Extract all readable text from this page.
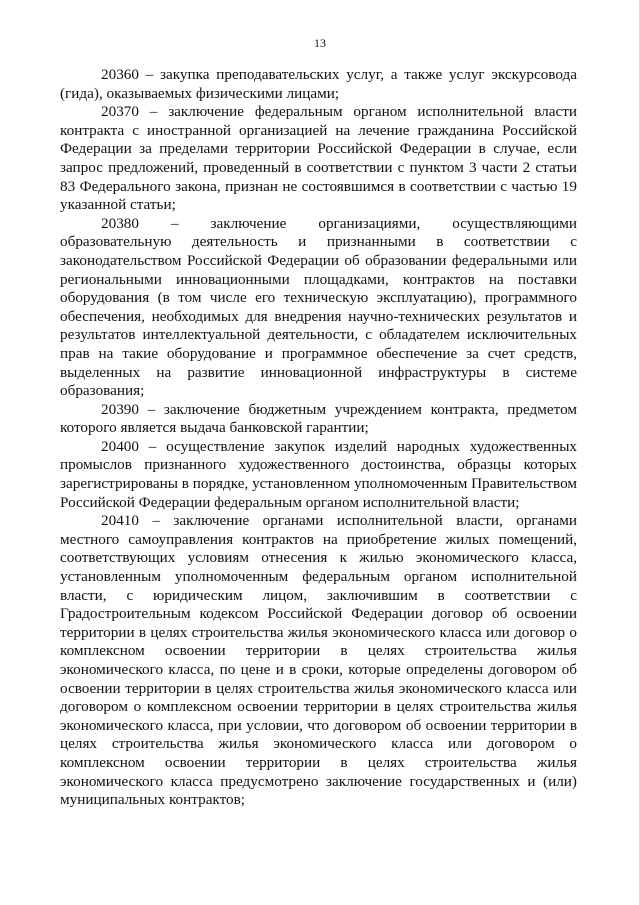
13

20360 – закупка преподавательских услуг, а также услуг экскурсовода (гида), оказываемых физическими лицами;

20370 – заключение федеральным органом исполнительной власти контракта с иностранной организацией на лечение гражданина Российской Федерации за пределами территории Российской Федерации в случае, если запрос предложений, проведенный в соответствии с пунктом 3 части 2 статьи 83 Федерального закона, признан не состоявшимся в соответствии с частью 19 указанной статьи;

20380 – заключение организациями, осуществляющими образовательную деятельность и признанными в соответствии с законодательством Российской Федерации об образовании федеральными или региональными инновационными площадками, контрактов на поставки оборудования (в том числе его техническую эксплуатацию), программного обеспечения, необходимых для внедрения научно-технических результатов и результатов интеллектуальной деятельности, с обладателем исключительных прав на такие оборудование и программное обеспечение за счет средств, выделенных на развитие инновационной инфраструктуры в системе образования;

20390 – заключение бюджетным учреждением контракта, предметом которого является выдача банковской гарантии;

20400 – осуществление закупок изделий народных художественных промыслов признанного художественного достоинства, образцы которых зарегистрированы в порядке, установленном уполномоченным Правительством Российской Федерации федеральным органом исполнительной власти;

20410 – заключение органами исполнительной власти, органами местного самоуправления контрактов на приобретение жилых помещений, соответствующих условиям отнесения к жилью экономического класса, установленным уполномоченным федеральным органом исполнительной власти, с юридическим лицом, заключившим в соответствии с Градостроительным кодексом Российской Федерации договор об освоении территории в целях строительства жилья экономического класса или договор о комплексном освоении территории в целях строительства жилья экономического класса, по цене и в сроки, которые определены договором об освоении территории в целях строительства жилья экономического класса или договором о комплексном освоении территории в целях строительства жилья экономического класса, при условии, что договором об освоении территории в целях строительства жилья экономического класса или договором о комплексном освоении территории в целях строительства жилья экономического класса предусмотрено заключение государственных и (или) муниципальных контрактов;
